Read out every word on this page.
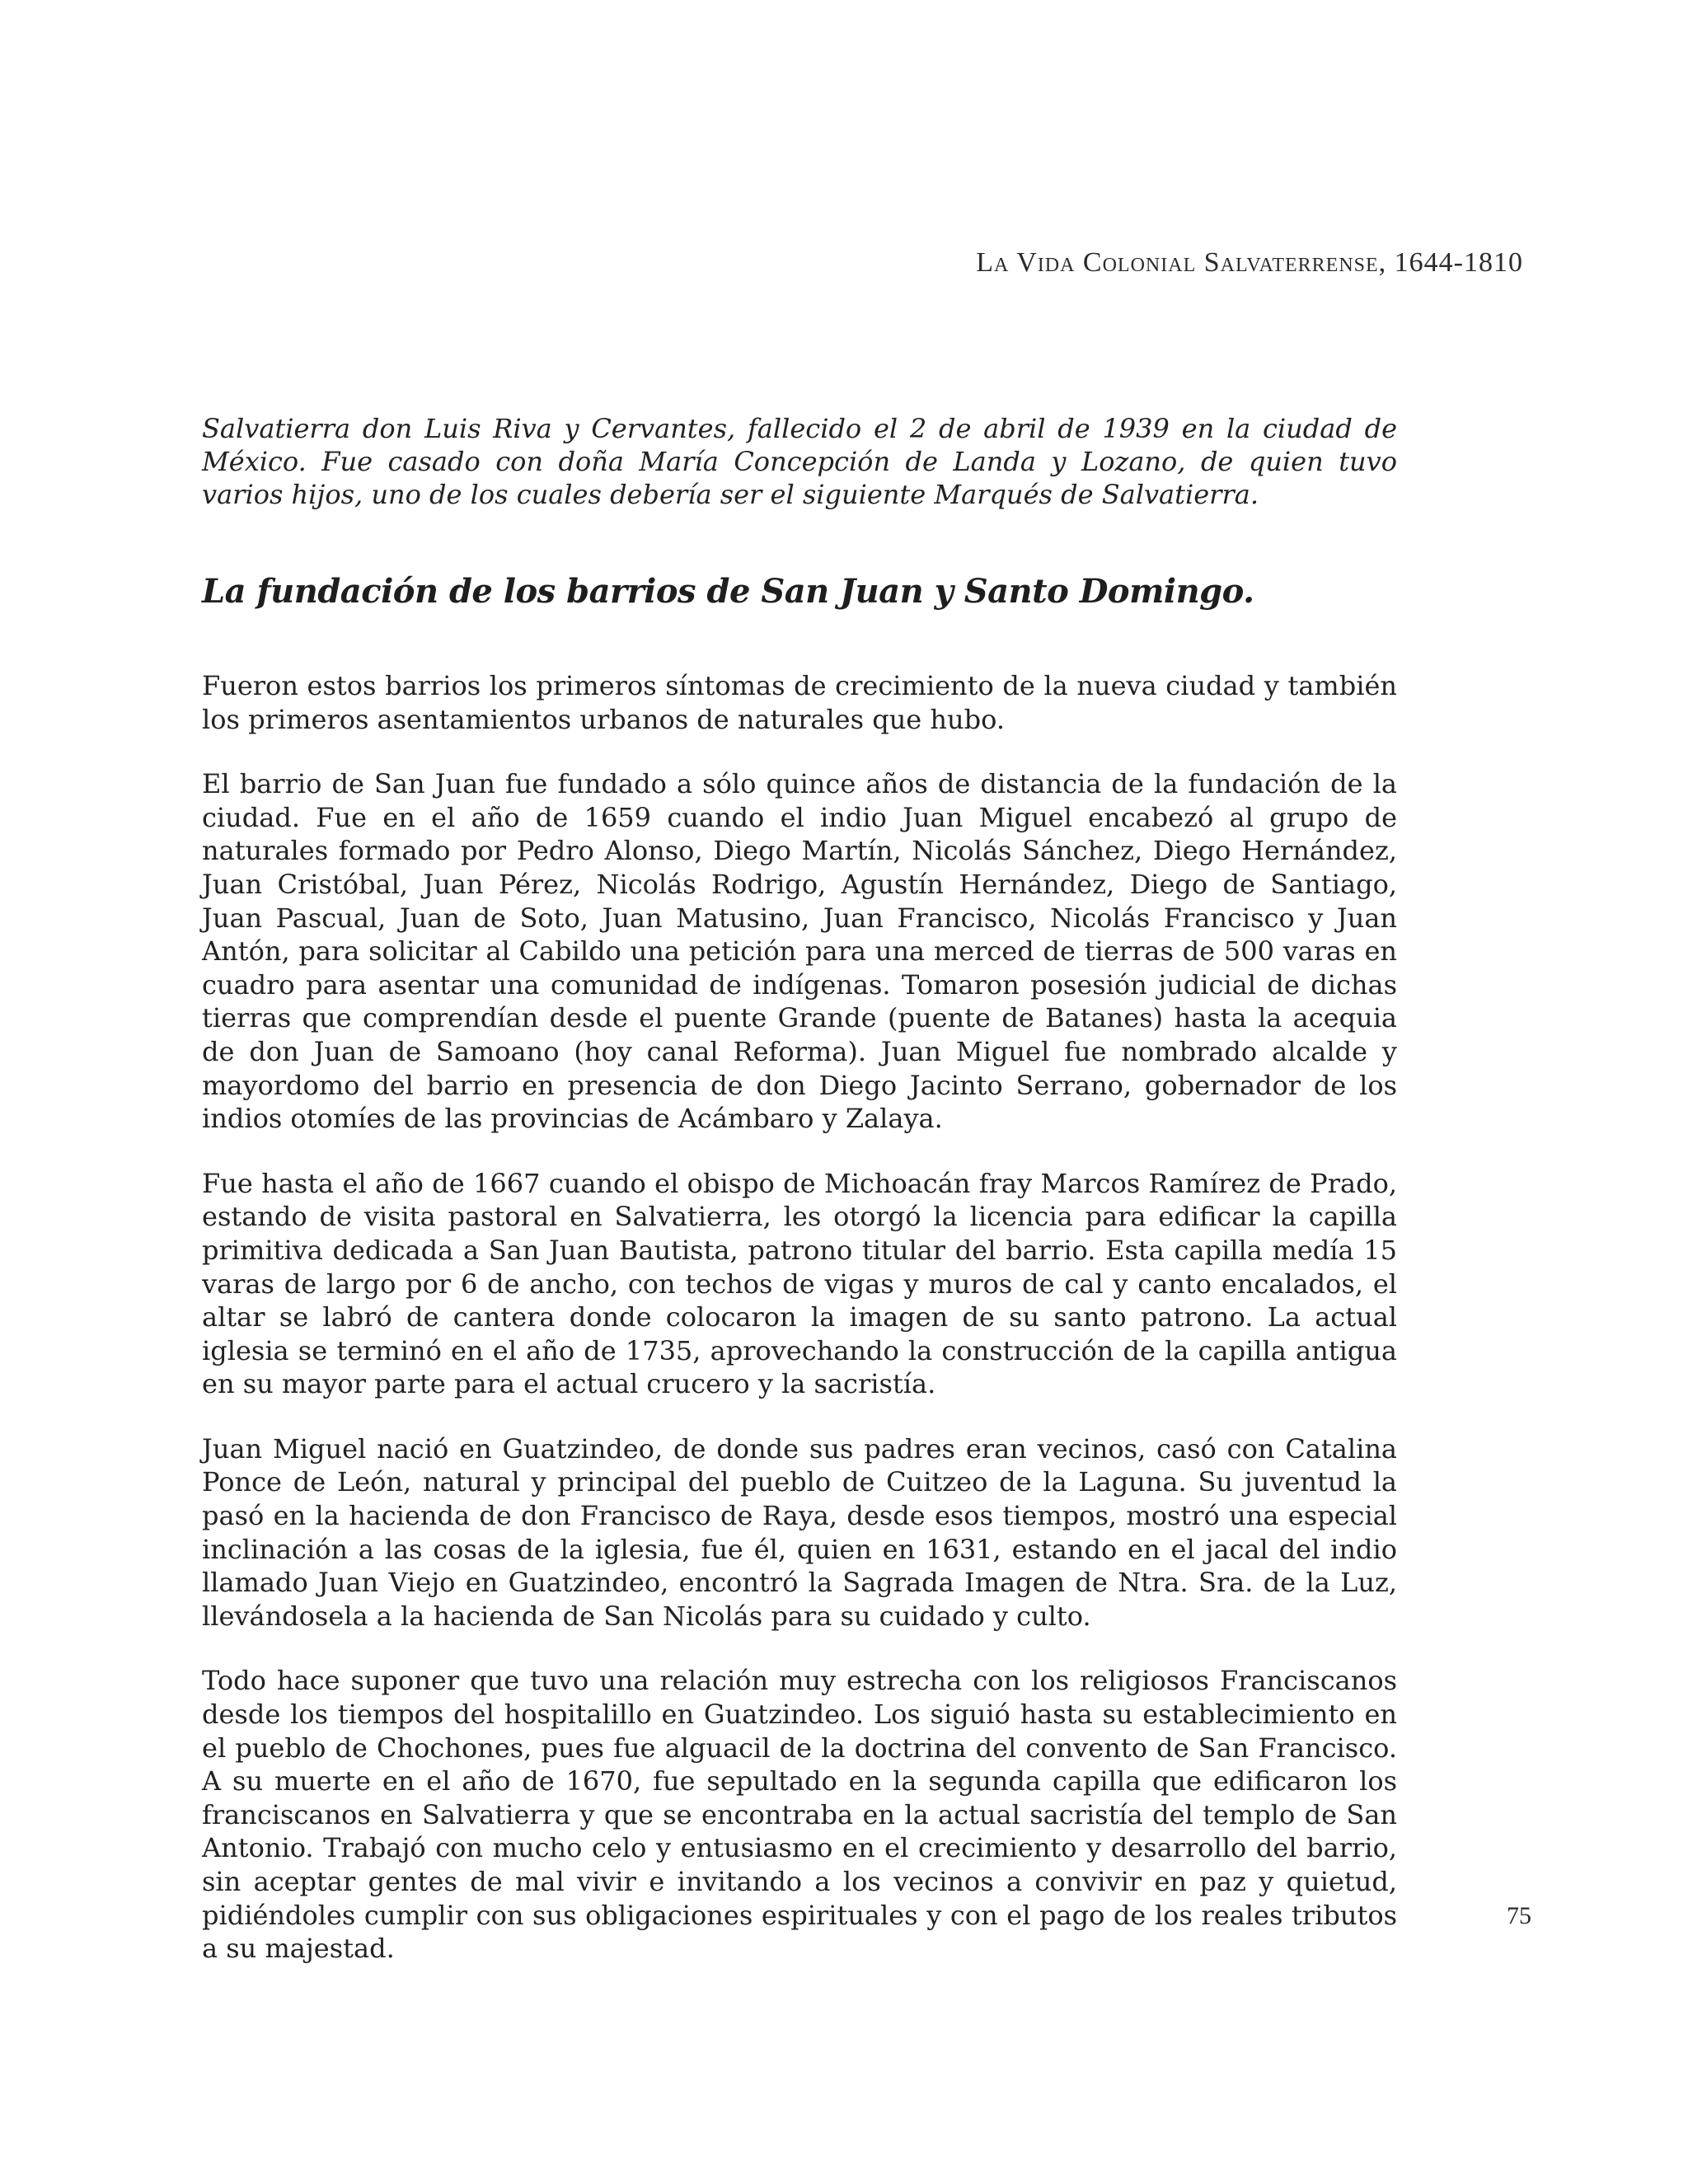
La Vida Colonial Salvaterrense, 1644-1810

Salvatierra don Luis Riva y Cervantes, fallecido el 2 de abril de 1939 en la ciudad de México. Fue casado con doña María Concepción de Landa y Lozano, de quien tuvo varios hijos, uno de los cuales debería ser el siguiente Marqués de Salvatierra.

La fundación de los barrios de San Juan y Santo Domingo.

Fueron estos barrios los primeros síntomas de crecimiento de la nueva ciudad y también los primeros asentamientos urbanos de naturales que hubo.

El barrio de San Juan fue fundado a sólo quince años de distancia de la fundación de la ciudad. Fue en el año de 1659 cuando el indio Juan Miguel encabezó al grupo de naturales formado por Pedro Alonso, Diego Martín, Nicolás Sánchez, Diego Hernández, Juan Cristóbal, Juan Pérez, Nicolás Rodrigo, Agustín Hernández, Diego de Santiago, Juan Pascual, Juan de Soto, Juan Matusino, Juan Francisco, Nicolás Francisco y Juan Antón, para solicitar al Cabildo una petición para una merced de tierras de 500 varas en cuadro para asentar una comunidad de indígenas. Tomaron posesión judicial de dichas tierras que comprendían desde el puente Grande (puente de Batanes) hasta la acequia de don Juan de Samoano (hoy canal Reforma). Juan Miguel fue nombrado alcalde y mayordomo del barrio en presencia de don Diego Jacinto Serrano, gobernador de los indios otomíes de las provincias de Acámbaro y Zalaya.

Fue hasta el año de 1667 cuando el obispo de Michoacán fray Marcos Ramírez de Prado, estando de visita pastoral en Salvatierra, les otorgó la licencia para edificar la capilla primitiva dedicada a San Juan Bautista, patrono titular del barrio. Esta capilla medía 15 varas de largo por 6 de ancho, con techos de vigas y muros de cal y canto encalados, el altar se labró de cantera donde colocaron la imagen de su santo patrono. La actual iglesia se terminó en el año de 1735, aprovechando la construcción de la capilla antigua en su mayor parte para el actual crucero y la sacristía.

Juan Miguel nació en Guatzindeo, de donde sus padres eran vecinos, casó con Catalina Ponce de León, natural y principal del pueblo de Cuitzeo de la Laguna. Su juventud la pasó en la hacienda de don Francisco de Raya, desde esos tiempos, mostró una especial inclinación a las cosas de la iglesia, fue él, quien en 1631, estando en el jacal del indio llamado Juan Viejo en Guatzindeo, encontró la Sagrada Imagen de Ntra. Sra. de la Luz, llevándosela a la hacienda de San Nicolás para su cuidado y culto.

Todo hace suponer que tuvo una relación muy estrecha con los religiosos Franciscanos desde los tiempos del hospitalillo en Guatzindeo. Los siguió hasta su establecimiento en el pueblo de Chochones, pues fue alguacil de la doctrina del convento de San Francisco. A su muerte en el año de 1670, fue sepultado en la segunda capilla que edificaron los franciscanos en Salvatierra y que se encontraba en la actual sacristía del templo de San Antonio. Trabajó con mucho celo y entusiasmo en el crecimiento y desarrollo del barrio, sin aceptar gentes de mal vivir e invitando a los vecinos a convivir en paz y quietud, pidiéndoles cumplir con sus obligaciones espirituales y con el pago de los reales tributos a su majestad.

75
